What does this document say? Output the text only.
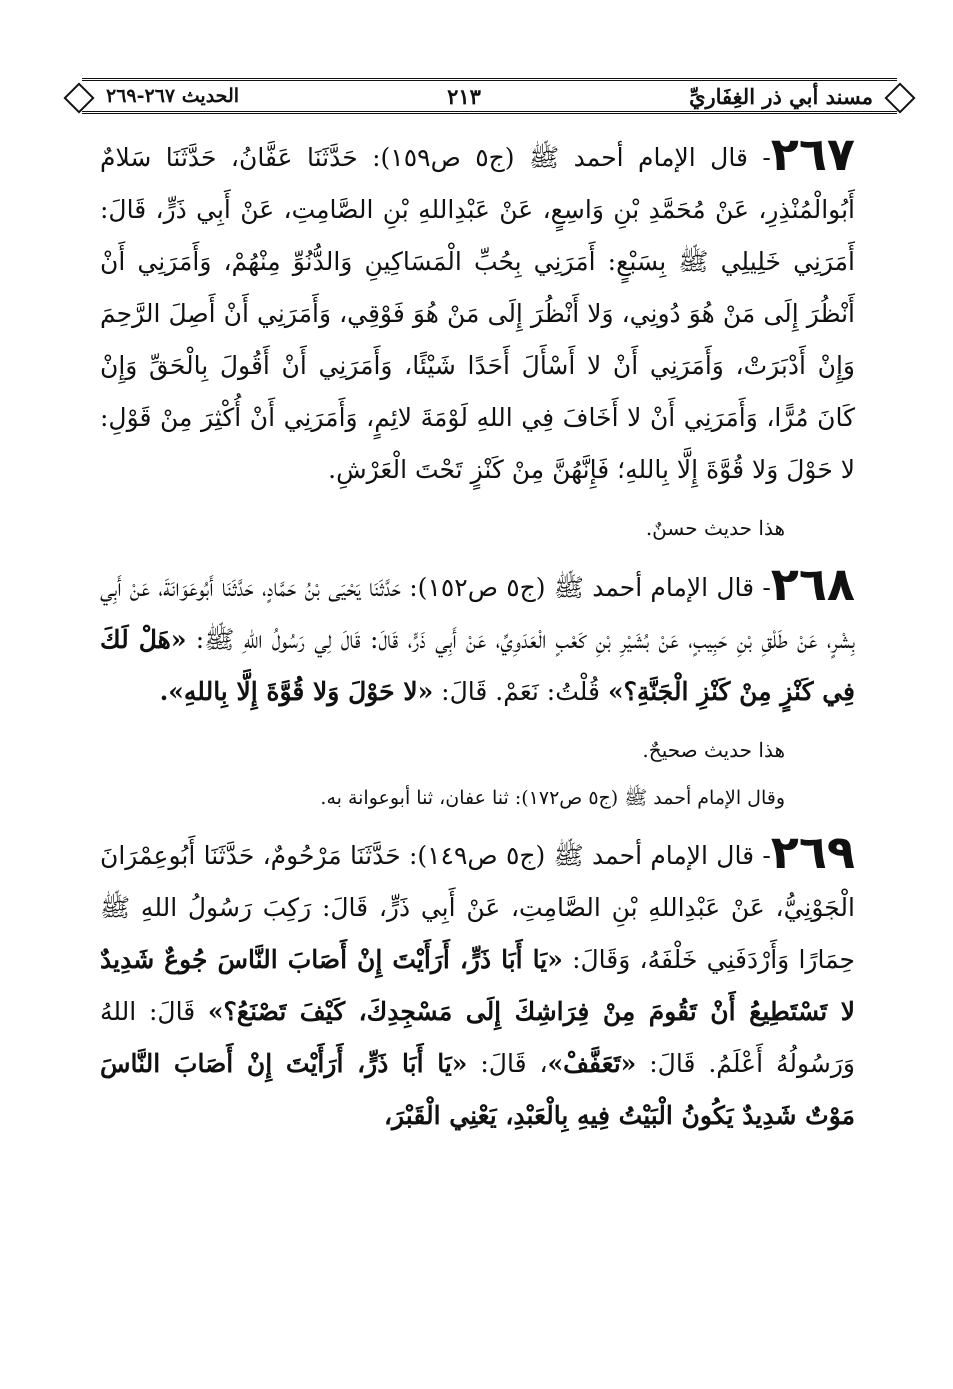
مسند أبي ذر الغِفَاريِّ
٢١٣
الحديث ٢٦٧-٢٦٩

٢٦٧- قال الإمام أحمد ﷺ (ج٥ ص١٥٩): حَدَّثَنَا عَفَّانُ، حَدَّثَنَا سَلامٌ أَبُوالْمُنْذِرِ، عَنْ مُحَمَّدِ بْنِ وَاسِعٍ، عَنْ عَبْدِاللهِ بْنِ الصَّامِتِ، عَنْ أَبِي ذَرٍّ، قَالَ: أَمَرَنِي خَلِيلِي ﷺ بِسَبْعٍ: أَمَرَنِي بِحُبِّ الْمَسَاكِينِ وَالدُّنُوِّ مِنْهُمْ، وَأَمَرَنِي أَنْ أَنْظُرَ إِلَى مَنْ هُوَ دُونِي، وَلا أَنْظُرَ إِلَى مَنْ هُوَ فَوْقِي، وَأَمَرَنِي أَنْ أَصِلَ الرَّحِمَ وَإِنْ أَدْبَرَتْ، وَأَمَرَنِي أَنْ لا أَسْأَلَ أَحَدًا شَيْئًا، وَأَمَرَنِي أَنْ أَقُولَ بِالْحَقِّ وَإِنْ كَانَ مُرًّا، وَأَمَرَنِي أَنْ لا أَخَافَ فِي اللهِ لَوْمَةَ لائِمٍ، وَأَمَرَنِي أَنْ أُكْثِرَ مِنْ قَوْلِ: لا حَوْلَ وَلا قُوَّةَ إِلَّا بِاللهِ؛ فَإِنَّهُنَّ مِنْ كَنْزٍ تَحْتَ الْعَرْشِ.

هذا حديث حسنٌ.

٢٦٨- قال الإمام أحمد ﷺ (ج٥ ص١٥٢): حَدَّثَنَا يَحْيَى بْنُ حَمَّادٍ، حَدَّثَنَا أَبُوعَوَانَةَ، عَنْ أَبِي بِشْرٍ، عَنْ طَلْقِ بْنِ حَبِيبٍ، عَنْ بُشَيْرِ بْنِ كَعْبٍ الْعَدَوِيِّ، عَنْ أَبِي ذَرٍّ، قَالَ: قَالَ لِي رَسُولُ اللهِ ﷺ: «هَلْ لَكَ فِي كَنْزٍ مِنْ كَنْزِ الْجَنَّةِ؟» قُلْتُ: نَعَمْ. قَالَ: «لا حَوْلَ وَلا قُوَّةَ إِلَّا بِاللهِ».

هذا حديث صحيحٌ.
وقال الإمام أحمد ﷺ (ج٥ ص١٧٢): ثنا عفان، ثنا أبوعوانة به.

٢٦٩- قال الإمام أحمد ﷺ (ج٥ ص١٤٩): حَدَّثَنَا مَرْحُومٌ، حَدَّثَنَا أَبُوعِمْرَانَ الْجَوْنِيُّ، عَنْ عَبْدِاللهِ بْنِ الصَّامِتِ، عَنْ أَبِي ذَرٍّ، قَالَ: رَكِبَ رَسُولُ اللهِ ﷺ حِمَارًا وَأَرْدَفَنِي خَلْفَهُ، وَقَالَ: «يَا أَبَا ذَرٍّ، أَرَأَيْتَ إِنْ أَصَابَ النَّاسَ جُوعٌ شَدِيدٌ لا تَسْتَطِيعُ أَنْ تَقُومَ مِنْ فِرَاشِكَ إِلَى مَسْجِدِكَ، كَيْفَ تَصْنَعُ؟» قَالَ: اللهُ وَرَسُولُهُ أَعْلَمُ. قَالَ: «تَعَفَّفْ»، قَالَ: «يَا أَبَا ذَرٍّ، أَرَأَيْتَ إِنْ أَصَابَ النَّاسَ مَوْتٌ شَدِيدٌ يَكُونُ الْبَيْتُ فِيهِ بِالْعَبْدِ، يَعْنِي الْقَبْرَ،
